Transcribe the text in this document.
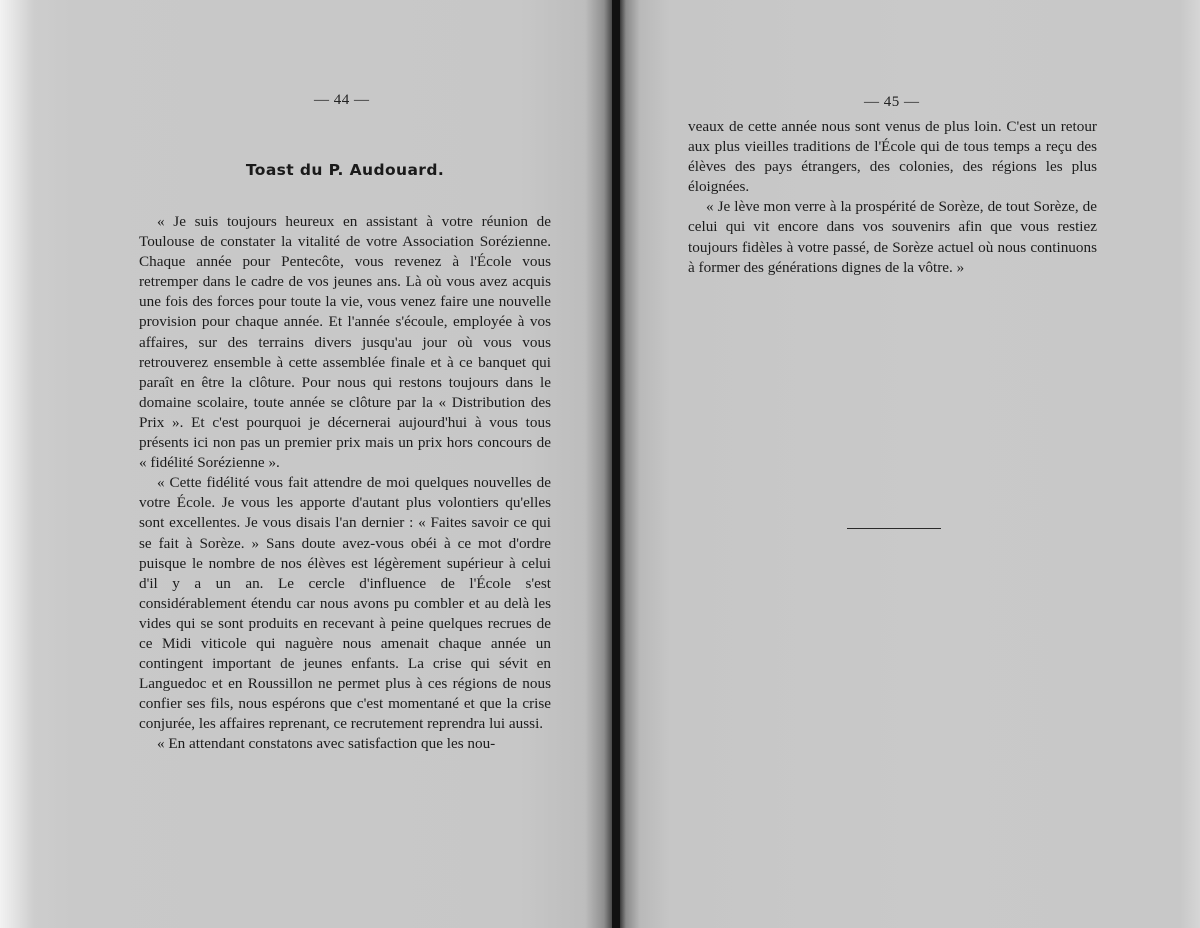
— 44 —
Toast du P. Audouard.

« Je suis toujours heureux en assistant à votre réunion de Toulouse de constater la vitalité de votre Association Sorézienne. Chaque année pour Pentecôte, vous revenez à l'École vous retremper dans le cadre de vos jeunes ans. Là où vous avez acquis une fois des forces pour toute la vie, vous venez faire une nouvelle provision pour chaque année. Et l'année s'écoule, employée à vos affaires, sur des terrains divers jusqu'au jour où vous vous retrouverez ensemble à cette assemblée finale et à ce banquet qui paraît en être la clôture. Pour nous qui restons toujours dans le domaine scolaire, toute année se clôture par la « Distribution des Prix ». Et c'est pourquoi je décernerai aujourd'hui à vous tous présents ici non pas un premier prix mais un prix hors concours de « fidélité Sorézienne ».

« Cette fidélité vous fait attendre de moi quelques nouvelles de votre École. Je vous les apporte d'autant plus volontiers qu'elles sont excellentes. Je vous disais l'an dernier : « Faites savoir ce qui se fait à Sorèze. » Sans doute avez-vous obéi à ce mot d'ordre puisque le nombre de nos élèves est légèrement supérieur à celui d'il y a un an. Le cercle d'influence de l'École s'est considérablement étendu car nous avons pu combler et au delà les vides qui se sont produits en recevant à peine quelques recrues de ce Midi viticole qui naguère nous amenait chaque année un contingent important de jeunes enfants. La crise qui sévit en Languedoc et en Roussillon ne permet plus à ces régions de nous confier ses fils, nous espérons que c'est momentané et que la crise conjurée, les affaires reprenant, ce recrutement reprendra lui aussi.

« En attendant constatons avec satisfaction que les nou-

— 45 —

veaux de cette année nous sont venus de plus loin. C'est un retour aux plus vieilles traditions de l'École qui de tous temps a reçu des élèves des pays étrangers, des colonies, des régions les plus éloignées.

« Je lève mon verre à la prospérité de Sorèze, de tout Sorèze, de celui qui vit encore dans vos souvenirs afin que vous restiez toujours fidèles à votre passé, de Sorèze actuel où nous continuons à former des générations dignes de la vôtre. »
